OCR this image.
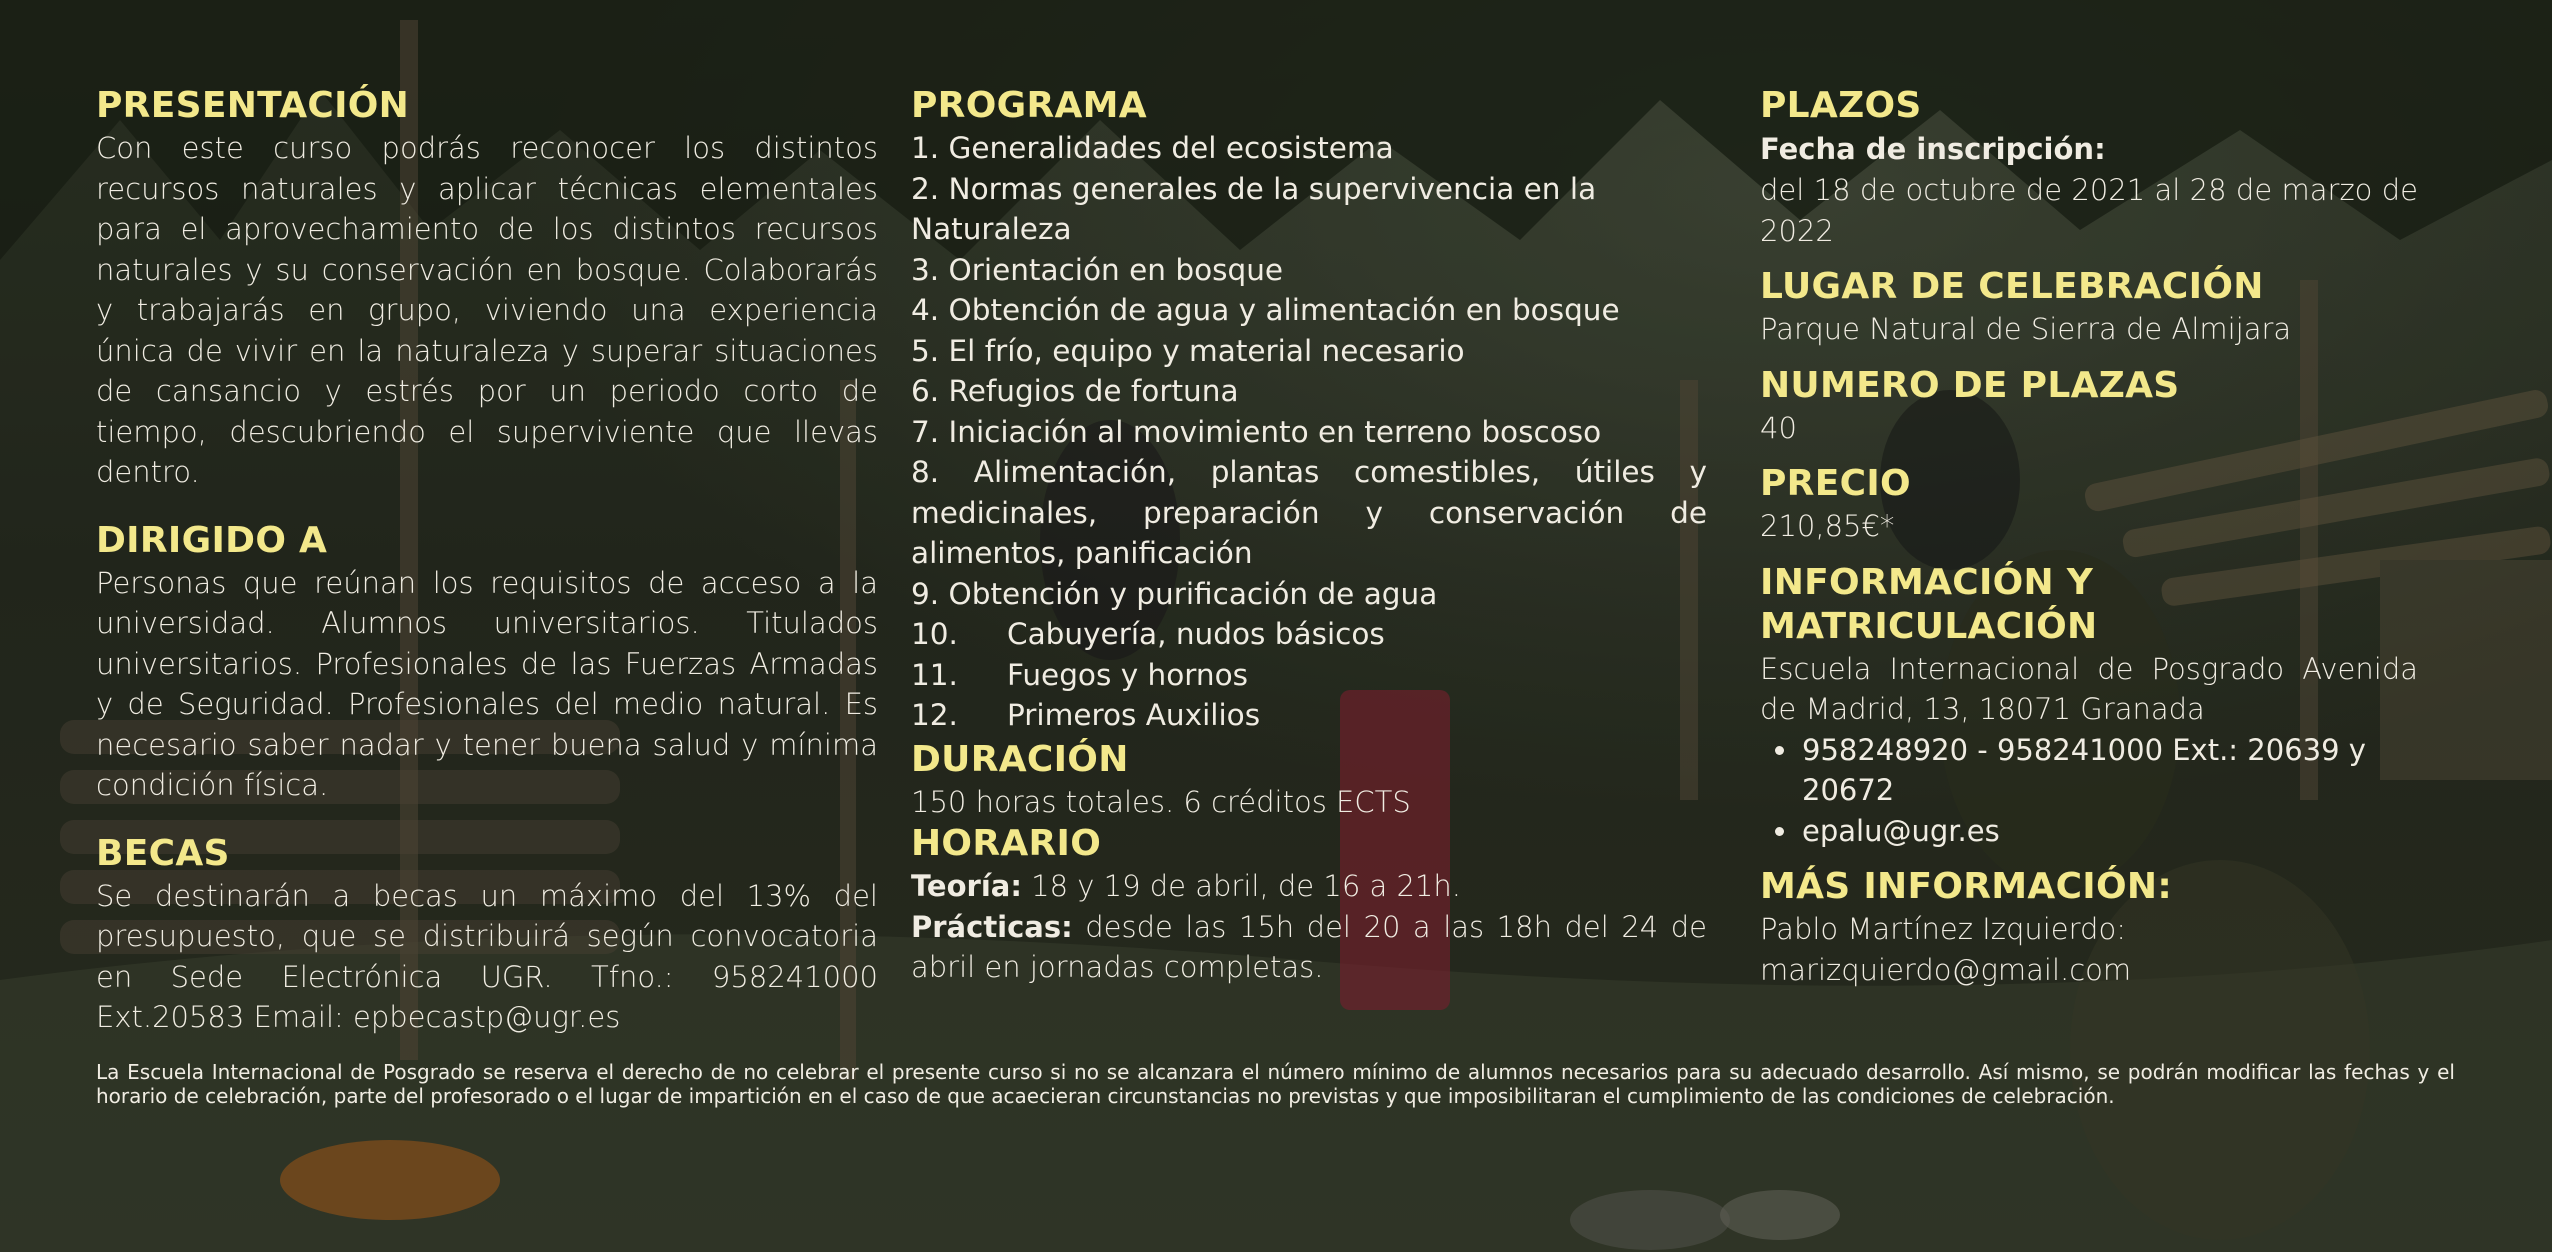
PRESENTACIÓN

Con este curso podrás reconocer los distintos recursos naturales y aplicar técnicas elementales para el aprovechamiento de los distintos recursos naturales y su conservación en bosque. Colaborarás y trabajarás en grupo, viviendo una experiencia única de vivir en la naturaleza y superar situaciones de cansancio y estrés por un periodo corto de tiempo, descubriendo el superviviente que llevas dentro.

DIRIGIDO A

Personas que reúnan los requisitos de acceso a la universidad. Alumnos universitarios. Titulados universitarios. Profesionales de las Fuerzas Armadas y de Seguridad. Profesionales del medio natural. Es necesario saber nadar y tener buena salud y mínima condición física.

BECAS

Se destinarán a becas un máximo del 13% del presupuesto, que se distribuirá según convocatoria en Sede Electrónica UGR. Tfno.: 958241000 Ext.20583 Email: epbecastp@ugr.es

PROGRAMA
1. Generalidades del ecosistema
2. Normas generales de la supervivencia en la Naturaleza
3. Orientación en bosque
4. Obtención de agua y alimentación en bosque
5. El frío, equipo y material necesario
6. Refugios de fortuna
7. Iniciación al movimiento en terreno boscoso
8. Alimentación, plantas comestibles, útiles y medicinales, preparación y conservación de alimentos, panificación
9. Obtención y purificación de agua
10. Cabuyería, nudos básicos
11. Fuegos y hornos
12. Primeros Auxilios
DURACIÓN

150 horas totales. 6 créditos ECTS

HORARIO

Teoría: 18 y 19 de abril, de 16 a 21h.

Prácticas: desde las 15h del 20 a las 18h del 24 de abril en jornadas completas.

PLAZOS
Fecha de inscripción:

del 18 de octubre de 2021 al 28 de marzo de 2022

LUGAR DE CELEBRACIÓN

Parque Natural de Sierra de Almijara

NUMERO DE PLAZAS

40

PRECIO

210,85€*

INFORMACIÓN Y MATRICULACIÓN

Escuela Internacional de Posgrado Avenida de Madrid, 13, 18071 Granada

• 958248920 - 958241000 Ext.: 20639 y 20672
• epalu@ugr.es
MÁS INFORMACIÓN:

Pablo Martínez Izquierdo:

marizquierdo@gmail.com

La Escuela Internacional de Posgrado se reserva el derecho de no celebrar el presente curso si no se alcanzara el número mínimo de alumnos necesarios para su adecuado desarrollo. Así mismo, se podrán modificar las fechas y el horario de celebración, parte del profesorado o el lugar de impartición en el caso de que acaecieran circunstancias no previstas y que imposibilitaran el cumplimiento de las condiciones de celebración.
